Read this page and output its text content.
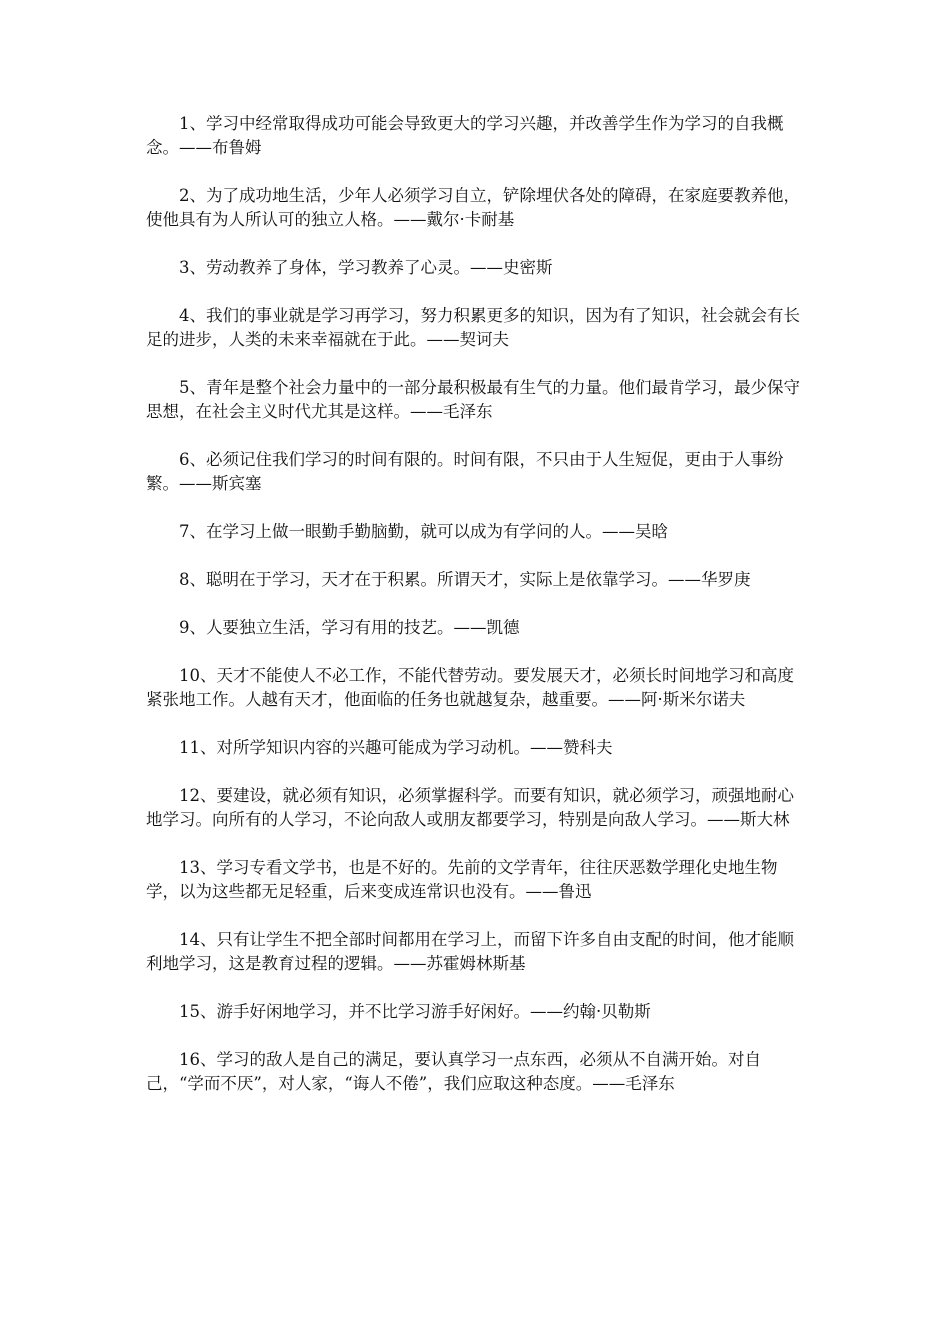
1、学习中经常取得成功可能会导致更大的学习兴趣，并改善学生作为学习的自我概念。——布鲁姆

2、为了成功地生活，少年人必须学习自立，铲除埋伏各处的障碍，在家庭要教养他，使他具有为人所认可的独立人格。——戴尔·卡耐基

3、劳动教养了身体，学习教养了心灵。——史密斯

4、我们的事业就是学习再学习，努力积累更多的知识，因为有了知识，社会就会有长足的进步，人类的未来幸福就在于此。——契诃夫

5、青年是整个社会力量中的一部分最积极最有生气的力量。他们最肯学习，最少保守思想，在社会主义时代尤其是这样。——毛泽东

6、必须记住我们学习的时间有限的。时间有限，不只由于人生短促，更由于人事纷繁。——斯宾塞

7、在学习上做一眼勤手勤脑勤，就可以成为有学问的人。——吴晗

8、聪明在于学习，天才在于积累。所谓天才，实际上是依靠学习。——华罗庚

9、人要独立生活，学习有用的技艺。——凯德

10、天才不能使人不必工作，不能代替劳动。要发展天才，必须长时间地学习和高度紧张地工作。人越有天才，他面临的任务也就越复杂，越重要。——阿·斯米尔诺夫

11、对所学知识内容的兴趣可能成为学习动机。——赞科夫

12、要建设，就必须有知识，必须掌握科学。而要有知识，就必须学习，顽强地耐心地学习。向所有的人学习，不论向敌人或朋友都要学习，特别是向敌人学习。——斯大林

13、学习专看文学书，也是不好的。先前的文学青年，往往厌恶数学理化史地生物学，以为这些都无足轻重，后来变成连常识也没有。——鲁迅

14、只有让学生不把全部时间都用在学习上，而留下许多自由支配的时间，他才能顺利地学习，这是教育过程的逻辑。——苏霍姆林斯基

15、游手好闲地学习，并不比学习游手好闲好。——约翰·贝勒斯

16、学习的敌人是自己的满足，要认真学习一点东西，必须从不自满开始。对自己，“学而不厌”，对人家，“诲人不倦”，我们应取这种态度。——毛泽东
